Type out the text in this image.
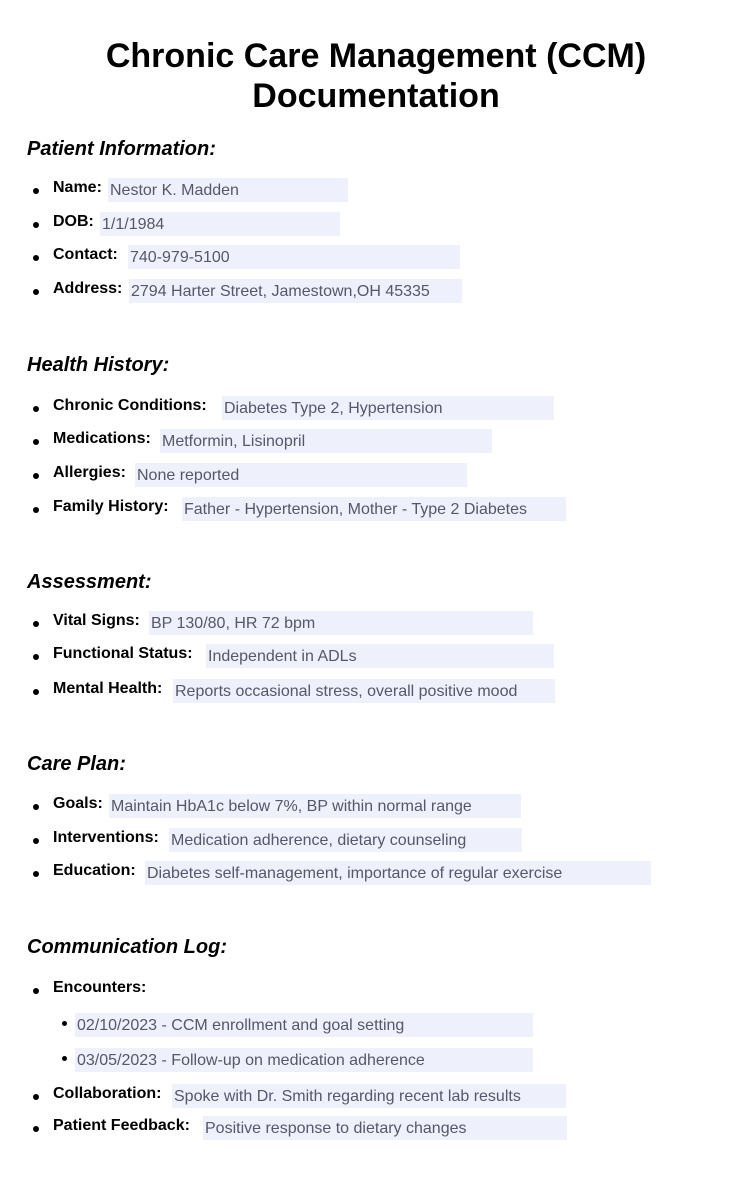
Chronic Care Management (CCM) Documentation
Patient Information:
Name: Nestor K. Madden
DOB: 1/1/1984
Contact: 740-979-5100
Address: 2794 Harter Street, Jamestown,OH 45335
Health History:
Chronic Conditions: Diabetes Type 2, Hypertension
Medications: Metformin, Lisinopril
Allergies: None reported
Family History: Father - Hypertension, Mother - Type 2 Diabetes
Assessment:
Vital Signs: BP 130/80, HR 72 bpm
Functional Status: Independent in ADLs
Mental Health: Reports occasional stress, overall positive mood
Care Plan:
Goals: Maintain HbA1c below 7%, BP within normal range
Interventions: Medication adherence, dietary counseling
Education: Diabetes self-management, importance of regular exercise
Communication Log:
Encounters:
02/10/2023 - CCM enrollment and goal setting
03/05/2023 - Follow-up on medication adherence
Collaboration: Spoke with Dr. Smith regarding recent lab results
Patient Feedback: Positive response to dietary changes
